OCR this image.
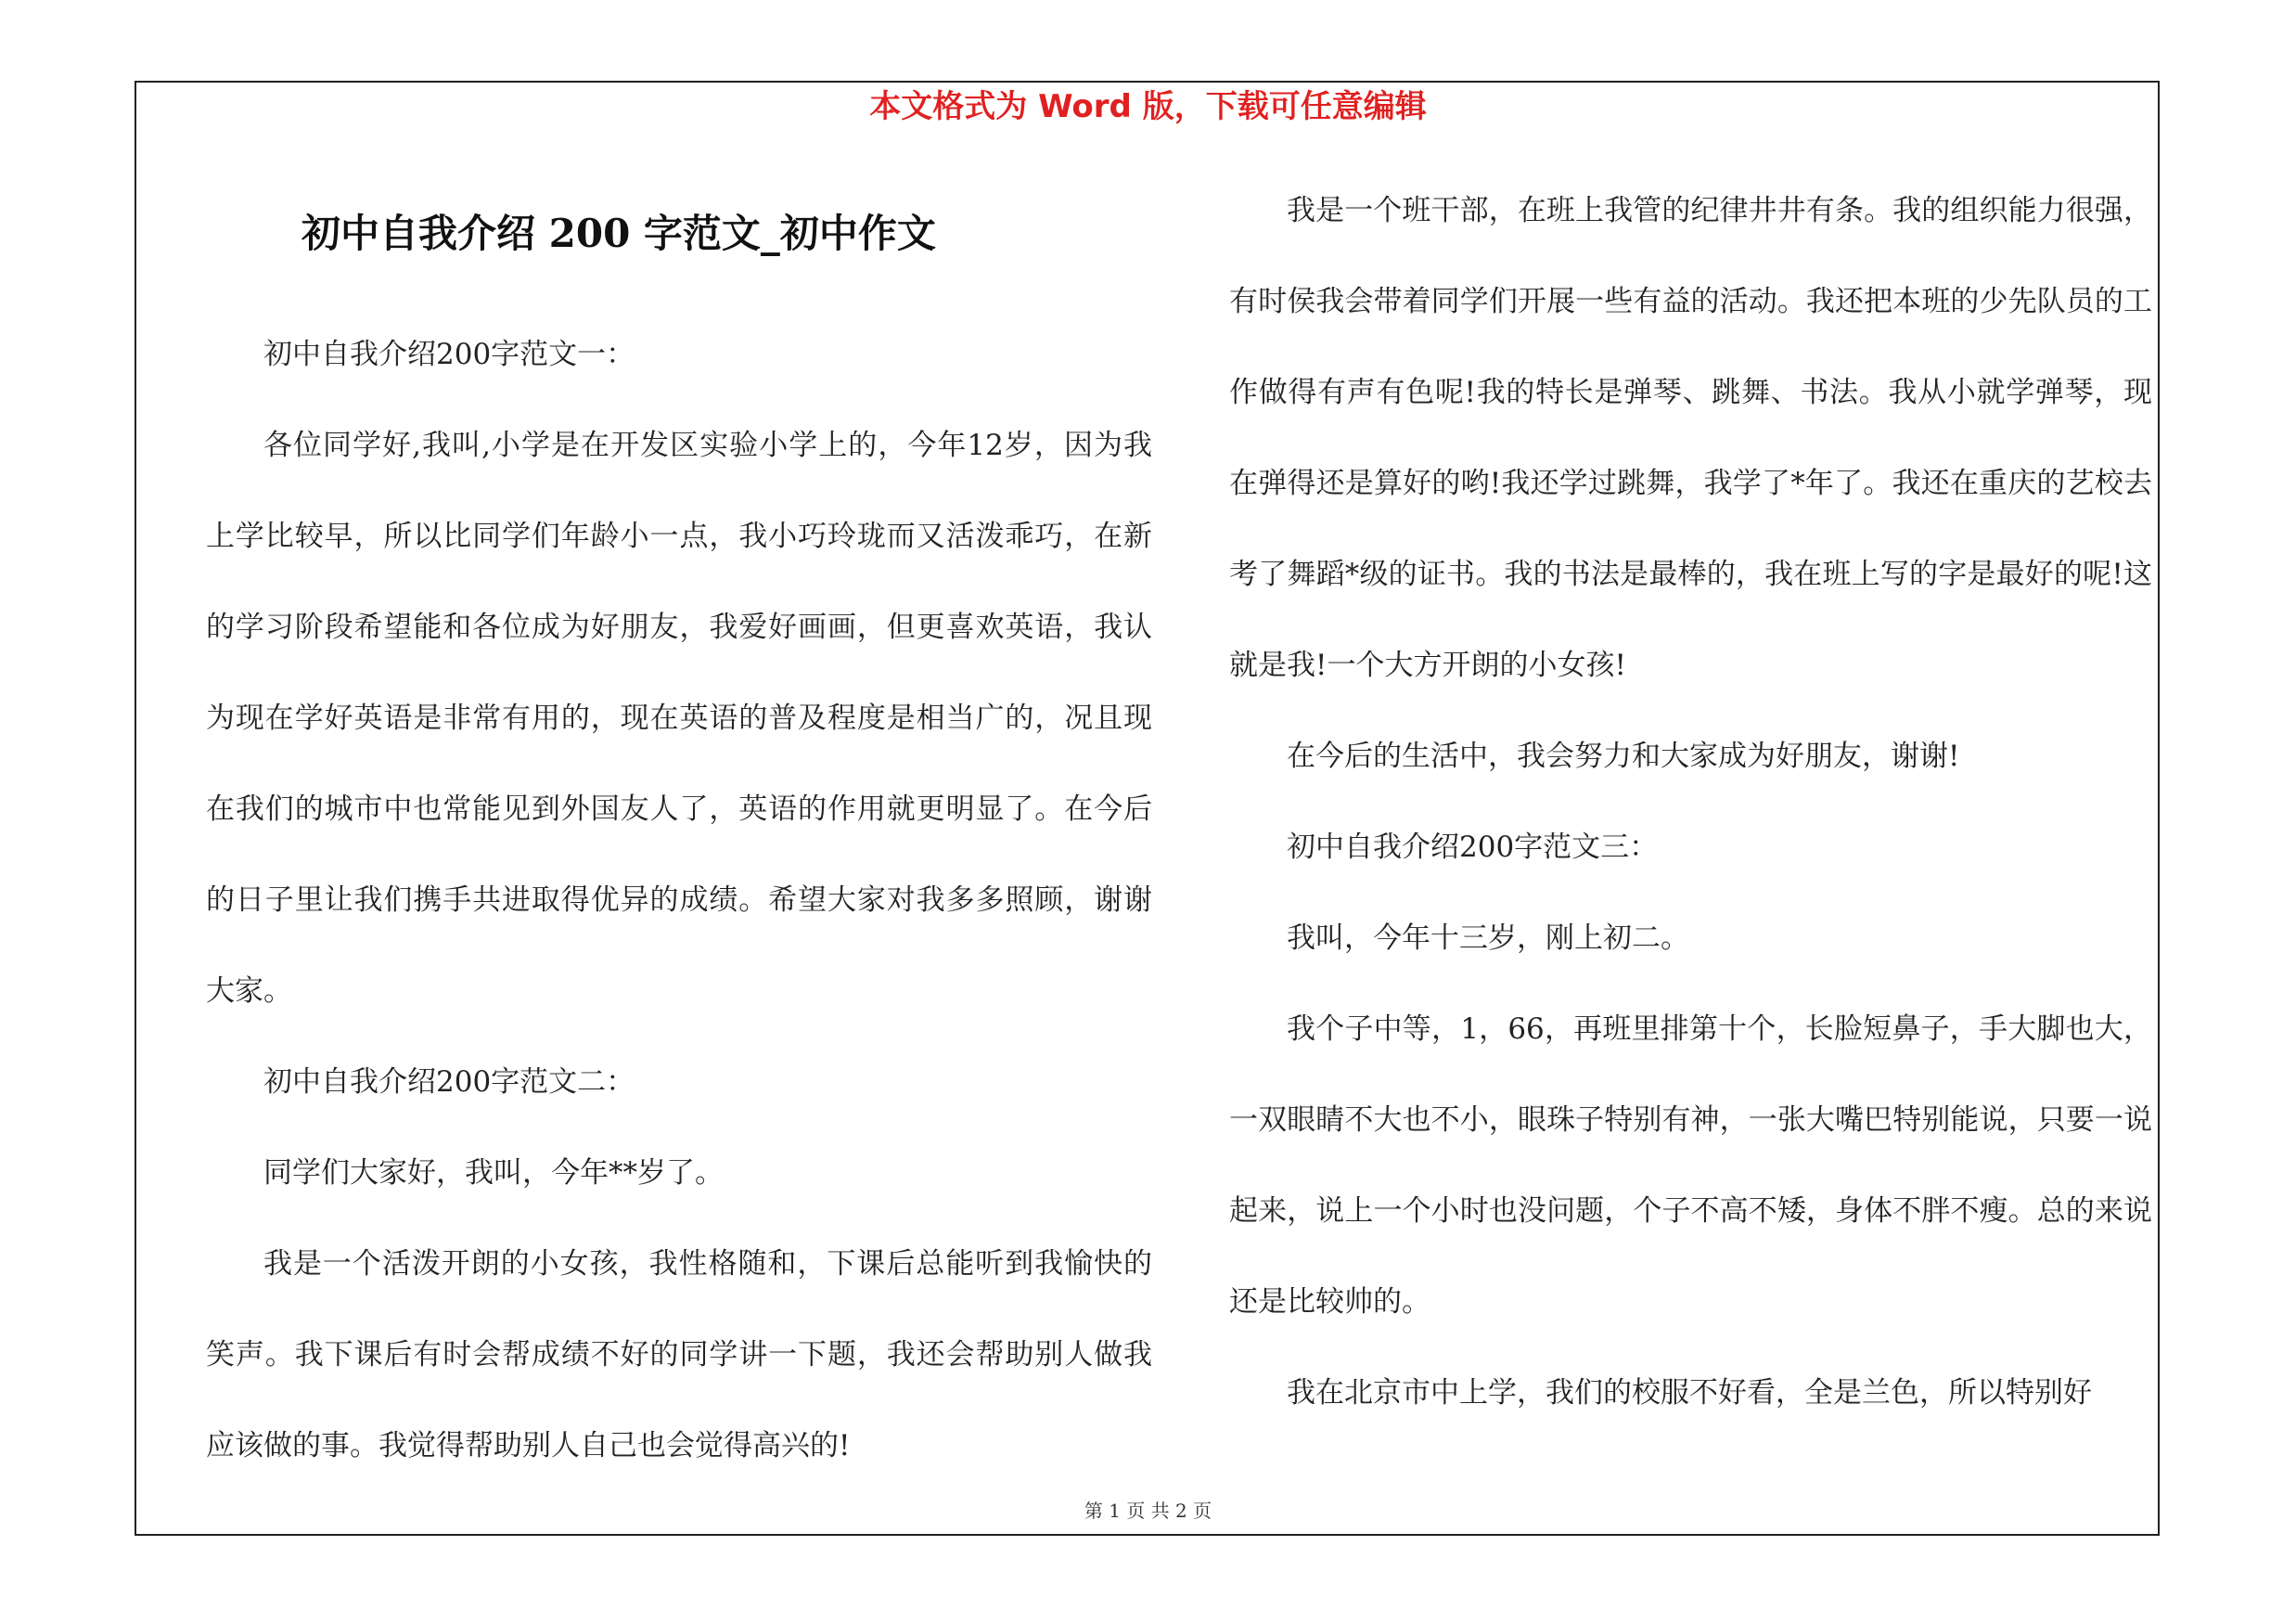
本文格式为 Word 版，下载可任意编辑
初中自我介绍 200 字范文_初中作文

初中自我介绍200字范文一：

各位同学好,我叫,小学是在开发区实验小学上的，今年12岁，因为我上学比较早，所以比同学们年龄小一点，我小巧玲珑而又活泼乖巧，在新的学习阶段希望能和各位成为好朋友，我爱好画画，但更喜欢英语，我认为现在学好英语是非常有用的，现在英语的普及程度是相当广的，况且现在我们的城市中也常能见到外国友人了，英语的作用就更明显了。在今后的日子里让我们携手共进取得优异的成绩。希望大家对我多多照顾，谢谢大家。

初中自我介绍200字范文二：

同学们大家好，我叫，今年**岁了。

我是一个活泼开朗的小女孩，我性格随和，下课后总能听到我愉快的笑声。我下课后有时会帮成绩不好的同学讲一下题，我还会帮助别人做我应该做的事。我觉得帮助别人自己也会觉得高兴的!

我是一个班干部，在班上我管的纪律井井有条。我的组织能力很强，有时侯我会带着同学们开展一些有益的活动。我还把本班的少先队员的工作做得有声有色呢!我的特长是弹琴、跳舞、书法。我从小就学弹琴，现在弹得还是算好的哟!我还学过跳舞，我学了*年了。我还在重庆的艺校去考了舞蹈*级的证书。我的书法是最棒的，我在班上写的字是最好的呢!这就是我!一个大方开朗的小女孩!

在今后的生活中，我会努力和大家成为好朋友，谢谢!

初中自我介绍200字范文三：

我叫，今年十三岁，刚上初二。

我个子中等，1，66，再班里排第十个，长脸短鼻子，手大脚也大，一双眼睛不大也不小，眼珠子特别有神，一张大嘴巴特别能说，只要一说起来，说上一个小时也没问题，个子不高不矮，身体不胖不瘦。总的来说还是比较帅的。

我在北京市中上学，我们的校服不好看，全是兰色，所以特别好

第 1 页 共 2 页
